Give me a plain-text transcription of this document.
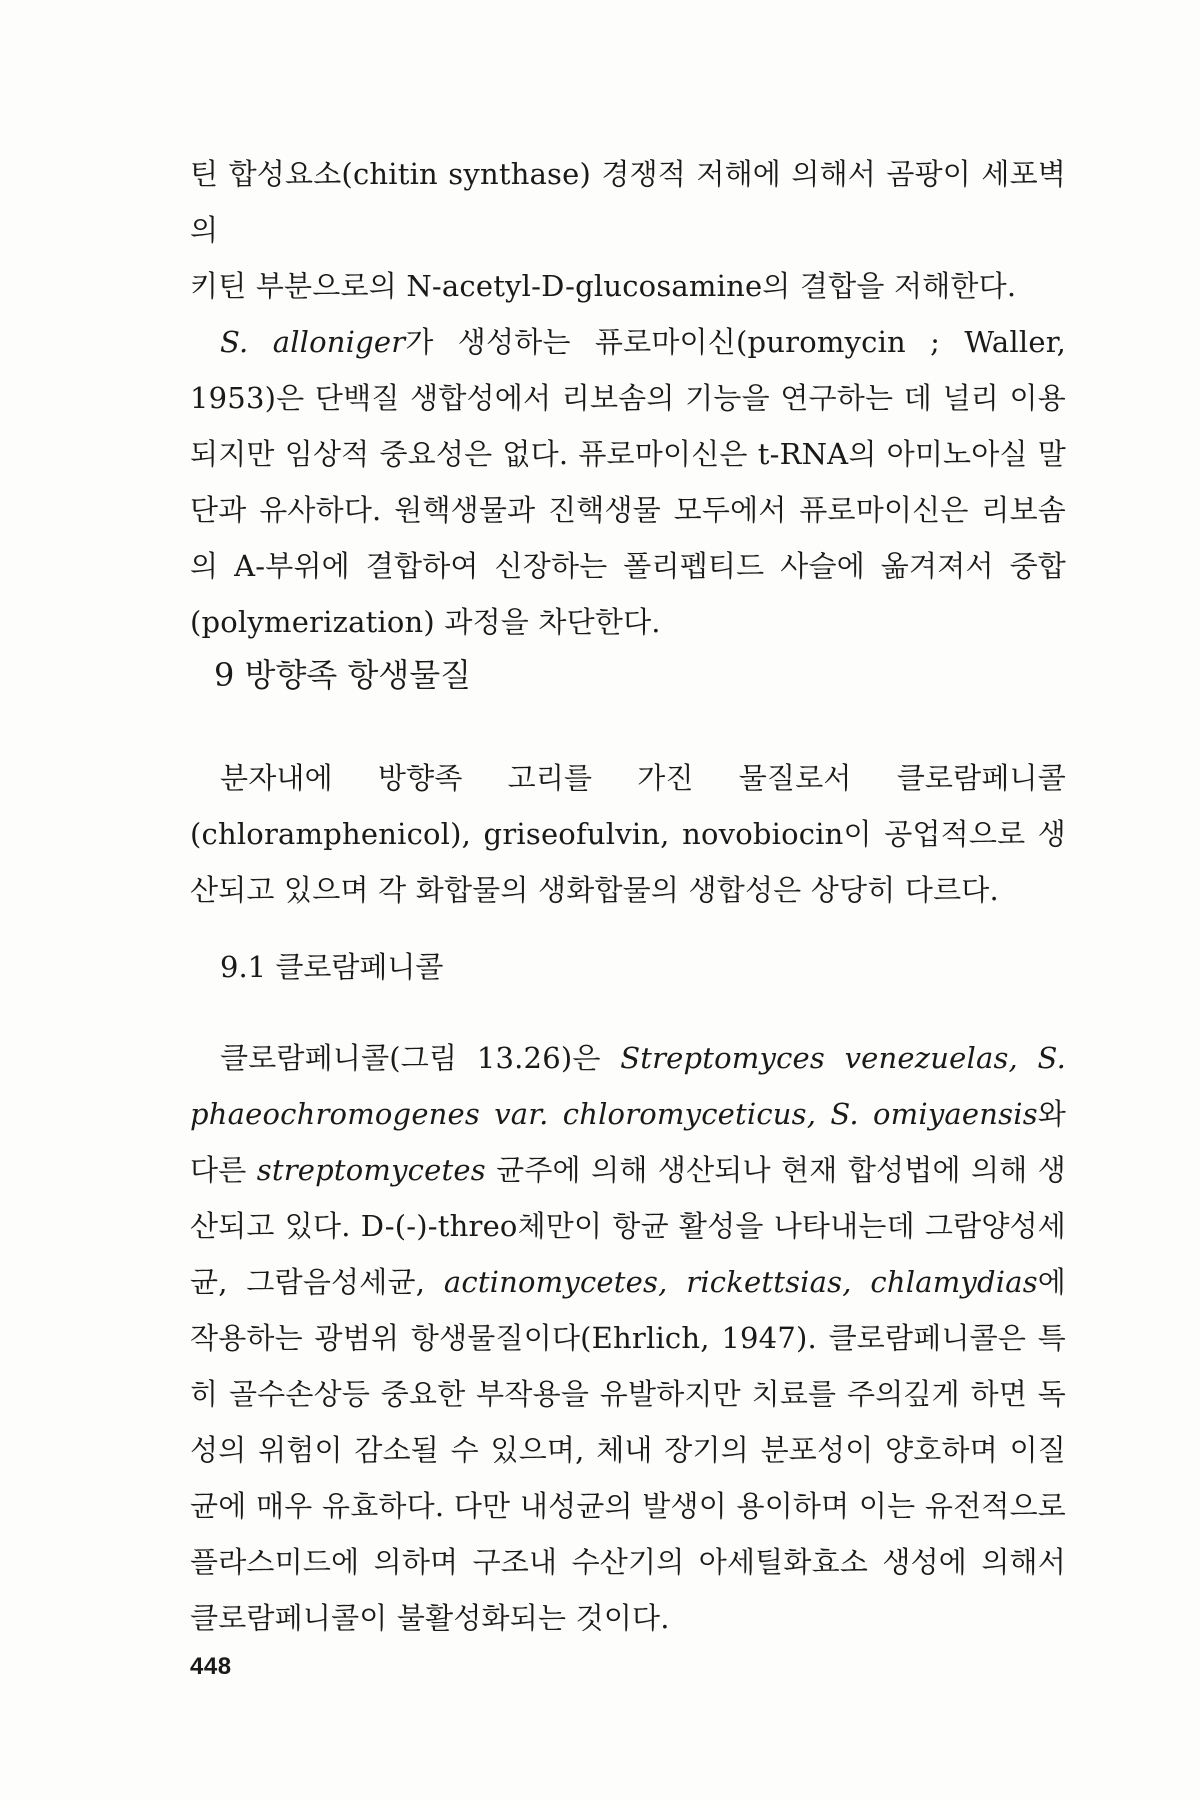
틴 합성요소(chitin synthase) 경쟁적 저해에 의해서 곰팡이 세포벽의
키틴 부분으로의 N-acetyl-D-glucosamine의 결합을 저해한다.

S. alloniger가 생성하는 퓨로마이신(puromycin ; Waller, 1953)은 단백질 생합성에서 리보솜의 기능을 연구하는 데 널리 이용되지만 임상적 중요성은 없다. 퓨로마이신은 t-RNA의 아미노아실 말단과 유사하다. 원핵생물과 진핵생물 모두에서 퓨로마이신은 리보솜의 A-부위에 결합하여 신장하는 폴리펩티드 사슬에 옮겨져서 중합(polymerization) 과정을 차단한다.

9 방향족 항생물질

분자내에 방향족 고리를 가진 물질로서 클로람페니콜(chloramphenicol), griseofulvin, novobiocin이 공업적으로 생산되고 있으며 각 화합물의 생화합물의 생합성은 상당히 다르다.

9.1 클로람페니콜

클로람페니콜(그림 13.26)은 Streptomyces venezuelas, S. phaeochromogenes var. chloromyceticus, S. omiyaensis와 다른 streptomycetes 균주에 의해 생산되나 현재 합성법에 의해 생산되고 있다. D-(-)-threo체만이 항균 활성을 나타내는데 그람양성세균, 그람음성세균, actinomycetes, rickettsias, chlamydias에 작용하는 광범위 항생물질이다(Ehrlich, 1947). 클로람페니콜은 특히 골수손상등 중요한 부작용을 유발하지만 치료를 주의깊게 하면 독성의 위험이 감소될 수 있으며, 체내 장기의 분포성이 양호하며 이질균에 매우 유효하다. 다만 내성균의 발생이 용이하며 이는 유전적으로 플라스미드에 의하며 구조내 수산기의 아세틸화효소 생성에 의해서 클로람페니콜이 불활성화되는 것이다.

448
